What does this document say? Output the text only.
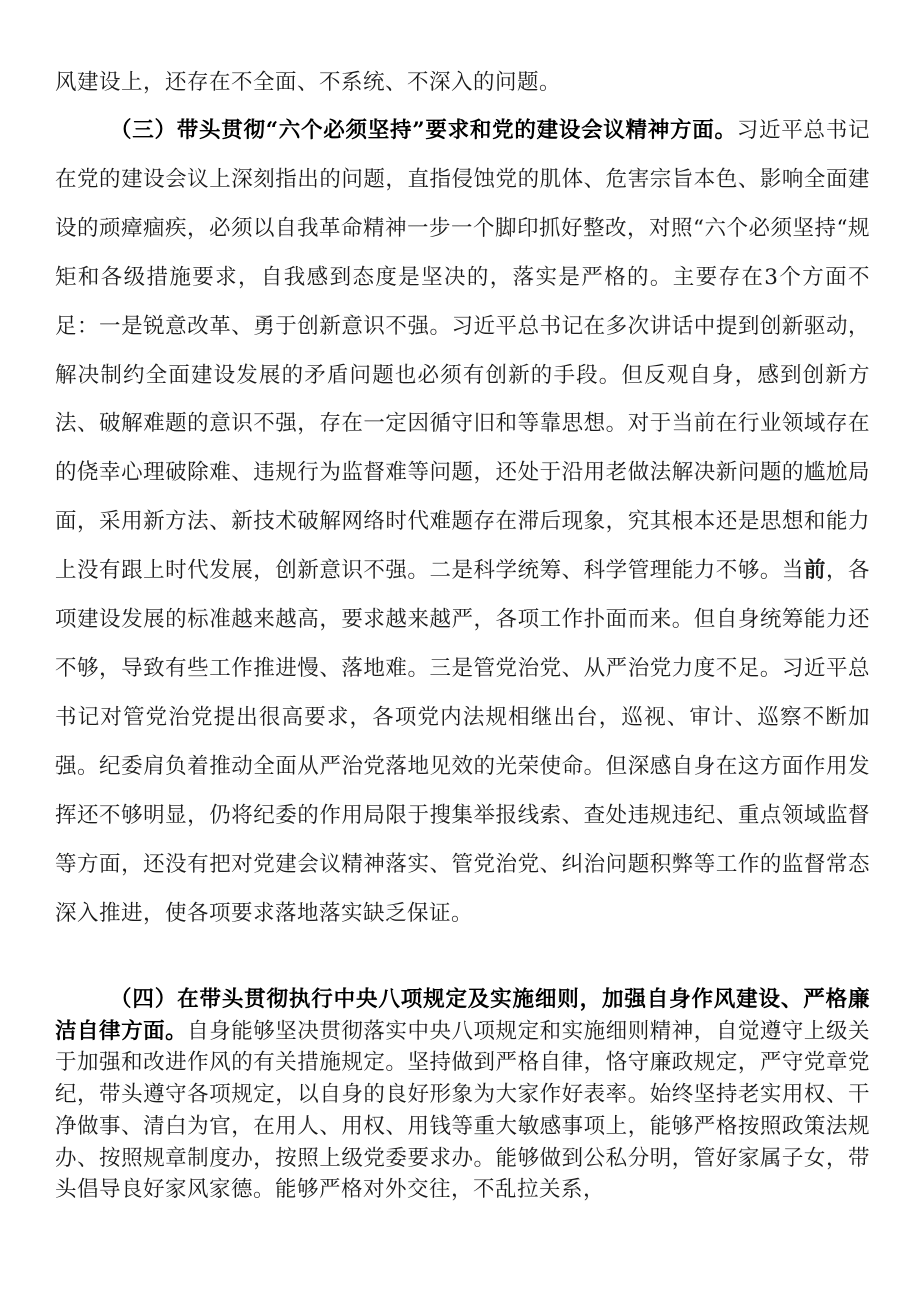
风建设上，还存在不全面、不系统、不深入的问题。

（三）带头贯彻“六个必须坚持”要求和党的建设会议精神方面。习近平总书记在党的建设会议上深刻指出的问题，直指侵蚀党的肌体、危害宗旨本色、影响全面建设的顽瘴痼疾，必须以自我革命精神一步一个脚印抓好整改，对照“六个必须坚持“规矩和各级措施要求，自我感到态度是坚决的，落实是严格的。主要存在3个方面不足：一是锐意改革、勇于创新意识不强。习近平总书记在多次讲话中提到创新驱动，解决制约全面建设发展的矛盾问题也必须有创新的手段。但反观自身，感到创新方法、破解难题的意识不强，存在一定因循守旧和等靠思想。对于当前在行业领域存在的侥幸心理破除难、违规行为监督难等问题，还处于沿用老做法解决新问题的尴尬局面，采用新方法、新技术破解网络时代难题存在滞后现象，究其根本还是思想和能力上没有跟上时代发展，创新意识不强。二是科学统筹、科学管理能力不够。当前，各项建设发展的标准越来越高，要求越来越严，各项工作扑面而来。但自身统筹能力还不够，导致有些工作推进慢、落地难。三是管党治党、从严治党力度不足。习近平总书记对管党治党提出很高要求，各项党内法规相继出台，巡视、审计、巡察不断加强。纪委肩负着推动全面从严治党落地见效的光荣使命。但深感自身在这方面作用发挥还不够明显，仍将纪委的作用局限于搜集举报线索、查处违规违纪、重点领域监督等方面，还没有把对党建会议精神落实、管党治党、纠治问题积弊等工作的监督常态深入推进，使各项要求落地落实缺乏保证。

（四）在带头贯彻执行中央八项规定及实施细则，加强自身作风建设、严格廉洁自律方面。自身能够坚决贯彻落实中央八项规定和实施细则精神，自觉遵守上级关于加强和改进作风的有关措施规定。坚持做到严格自律，恪守廉政规定，严守党章党纪，带头遵守各项规定，以自身的良好形象为大家作好表率。始终坚持老实用权、干净做事、清白为官，在用人、用权、用钱等重大敏感事项上，能够严格按照政策法规办、按照规章制度办，按照上级党委要求办。能够做到公私分明，管好家属子女，带头倡导良好家风家德。能够严格对外交往，不乱拉关系，
